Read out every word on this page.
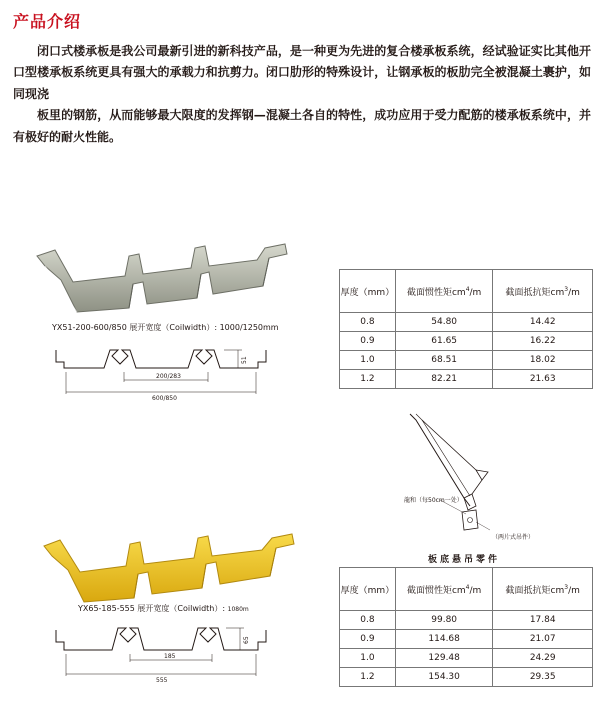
产品介绍

闭口式楼承板是我公司最新引进的新科技产品，是一种更为先进的复合楼承板系统，经试验证实比其他开口型楼承板系统更具有强大的承载力和抗剪力。闭口肋形的特殊设计，让钢承板的板肋完全被混凝土裹护，如同现浇

板里的钢筋，从而能够最大限度的发挥钢—混凝土各自的特性，成功应用于受力配筋的楼承板系统中，并有极好的耐火性能。

YX51-200-600/850 展开宽度（Coilwidth）: 1000/1250mm
51
200/283
600/850
厚度（mm）	截面惯性矩$cm^4/m$	截面抵抗矩$cm^3/m$
0.8	54.80	14.42
0.9	61.65	16.22
1.0	68.51	18.02
1.2	82.21	21.63
龍和（每50cm一处）
（两片式吊件）
板底悬吊零件
YX65-185-555 展开宽度（Coilwidth）: 1080m
65
185
555
厚度（mm）	截面惯性矩$cm^4/m$	截面抵抗矩$cm^3/m$
0.8	99.80	17.84
0.9	114.68	21.07
1.0	129.48	24.29
1.2	154.30	29.35
